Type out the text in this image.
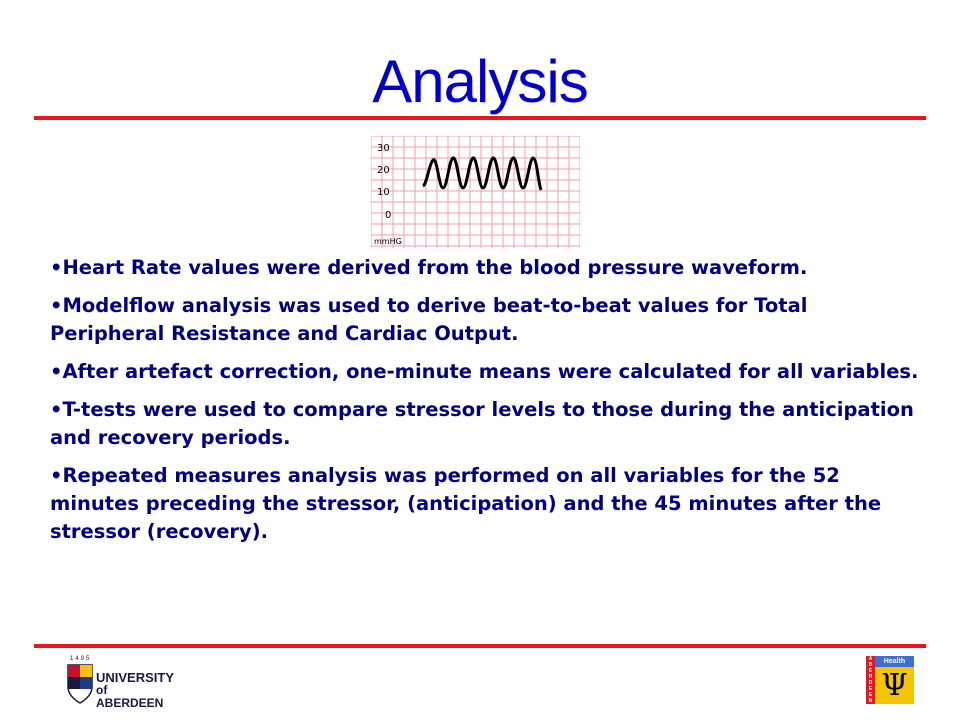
Analysis
30
20
10
0
mmHG
•Heart Rate values were derived from the blood pressure waveform.
•Modelflow analysis was used to derive beat-to-beat values for Total Peripheral Resistance and Cardiac Output.
•After artefact correction, one-minute means were calculated for all variables.
•T-tests were used to compare stressor levels to those during the anticipation and recovery periods.
•Repeated measures analysis was performed on all variables for the 52 minutes preceding the stressor, (anticipation) and the 45 minutes after the stressor (recovery).
1495
UNIVERSITY
of ABERDEEN
A
B
E
R
D
E
E
N
Health
Ψ
